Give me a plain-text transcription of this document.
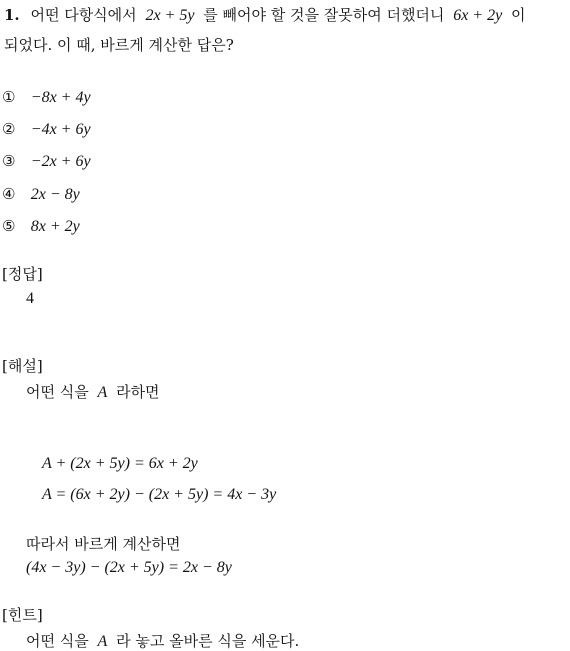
1. 어떤 다항식에서 2x + 5y 를 빼어야 할 것을 잘못하여 더했더니 6x + 2y 이
되었다. 이 때, 바르게 계산한 답은?
① −8x + 4y
② −4x + 6y
③ −2x + 6y
④ 2x − 8y
⑤ 8x + 2y
[정답]
4
[해설]
어떤 식을 A 라하면
A + (2x + 5y) = 6x + 2y
A = (6x + 2y) − (2x + 5y) = 4x − 3y
따라서 바르게 계산하면
(4x − 3y) − (2x + 5y) = 2x − 8y
[힌트]
어떤 식을 A 라 놓고 올바른 식을 세운다.
